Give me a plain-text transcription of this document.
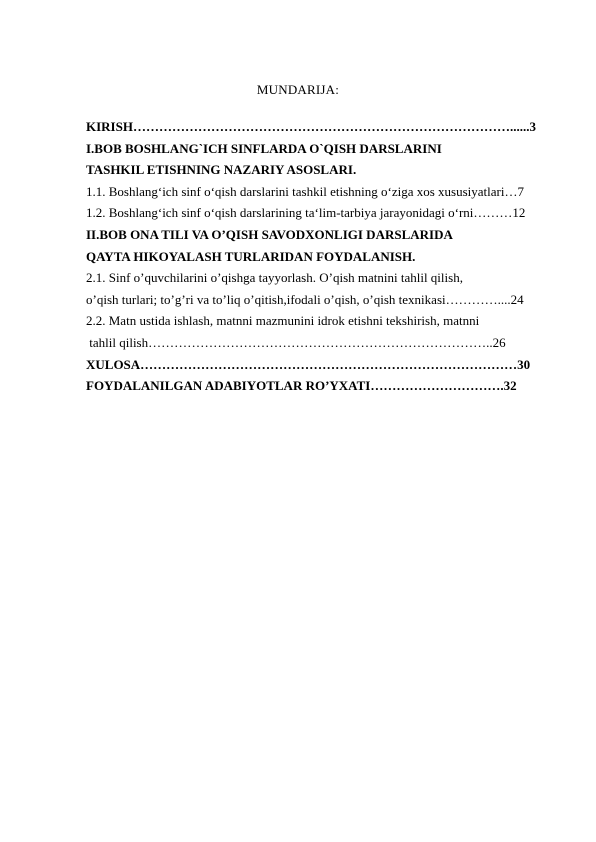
MUNDARIJA:
KIRISH……………………………………………………………………………......3
I.BOB BOSHLANG`ICH SINFLARDA O`QISH DARSLARINI
TASHKIL ETISHNING NAZARIY ASOSLARI.
1.1. Boshlang‘ich sinf o‘qish darslarini tashkil etishning o‘ziga xos xususiyatlari…7
1.2. Boshlang‘ich sinf o‘qish darslarining ta‘lim-tarbiya jarayonidagi o‘rni………12
II.BOB ONA TILI VA O’QISH SAVODXONLIGI DARSLARIDA
QAYTA HIKOYALASH TURLARIDAN FOYDALANISH.
2.1. Sinf o’quvchilarini o’qishga tayyorlash. O’qish matnini tahlil qilish,
o’qish turlari; to’g’ri va to’liq o’qitish,ifodali o’qish, o’qish texnikasi…………....24
2.2. Matn ustida ishlash, matnni mazmunini idrok etishni tekshirish, matnni
tahlil qilish……………………………………………………………………..26
XULOSA……………………………………………………………………………30
FOYDALANILGAN ADABIYOTLAR RO’YXATI………………………….32
